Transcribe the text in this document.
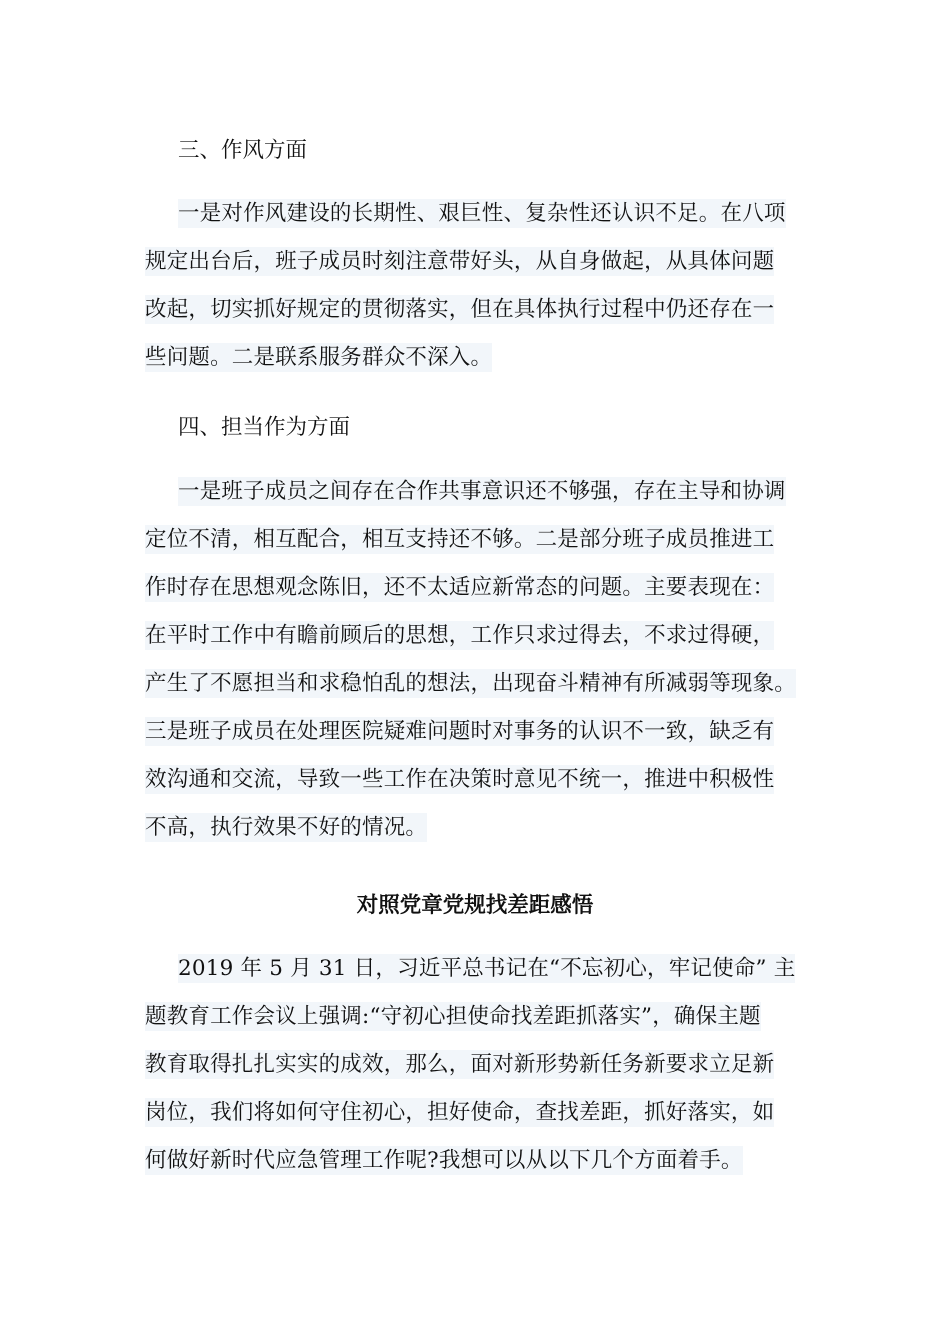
三、作风方面
一是对作风建设的长期性、艰巨性、复杂性还认识不足。在八项
规定出台后，班子成员时刻注意带好头，从自身做起，从具体问题
改起，切实抓好规定的贯彻落实，但在具体执行过程中仍还存在一
些问题。二是联系服务群众不深入。
四、担当作为方面
一是班子成员之间存在合作共事意识还不够强，存在主导和协调
定位不清，相互配合，相互支持还不够。二是部分班子成员推进工
作时存在思想观念陈旧，还不太适应新常态的问题。主要表现在：
在平时工作中有瞻前顾后的思想，工作只求过得去，不求过得硬，
产生了不愿担当和求稳怕乱的想法，出现奋斗精神有所减弱等现象。
三是班子成员在处理医院疑难问题时对事务的认识不一致，缺乏有
效沟通和交流，导致一些工作在决策时意见不统一，推进中积极性
不高，执行效果不好的情况。
对照党章党规找差距感悟
2019 年 5 月 31 日，习近平总书记在“不忘初心，牢记使命” 主
题教育工作会议上强调:“守初心担使命找差距抓落实”，确保主题
教育取得扎扎实实的成效，那么，面对新形势新任务新要求立足新
岗位，我们将如何守住初心，担好使命，查找差距，抓好落实，如
何做好新时代应急管理工作呢?我想可以从以下几个方面着手。
